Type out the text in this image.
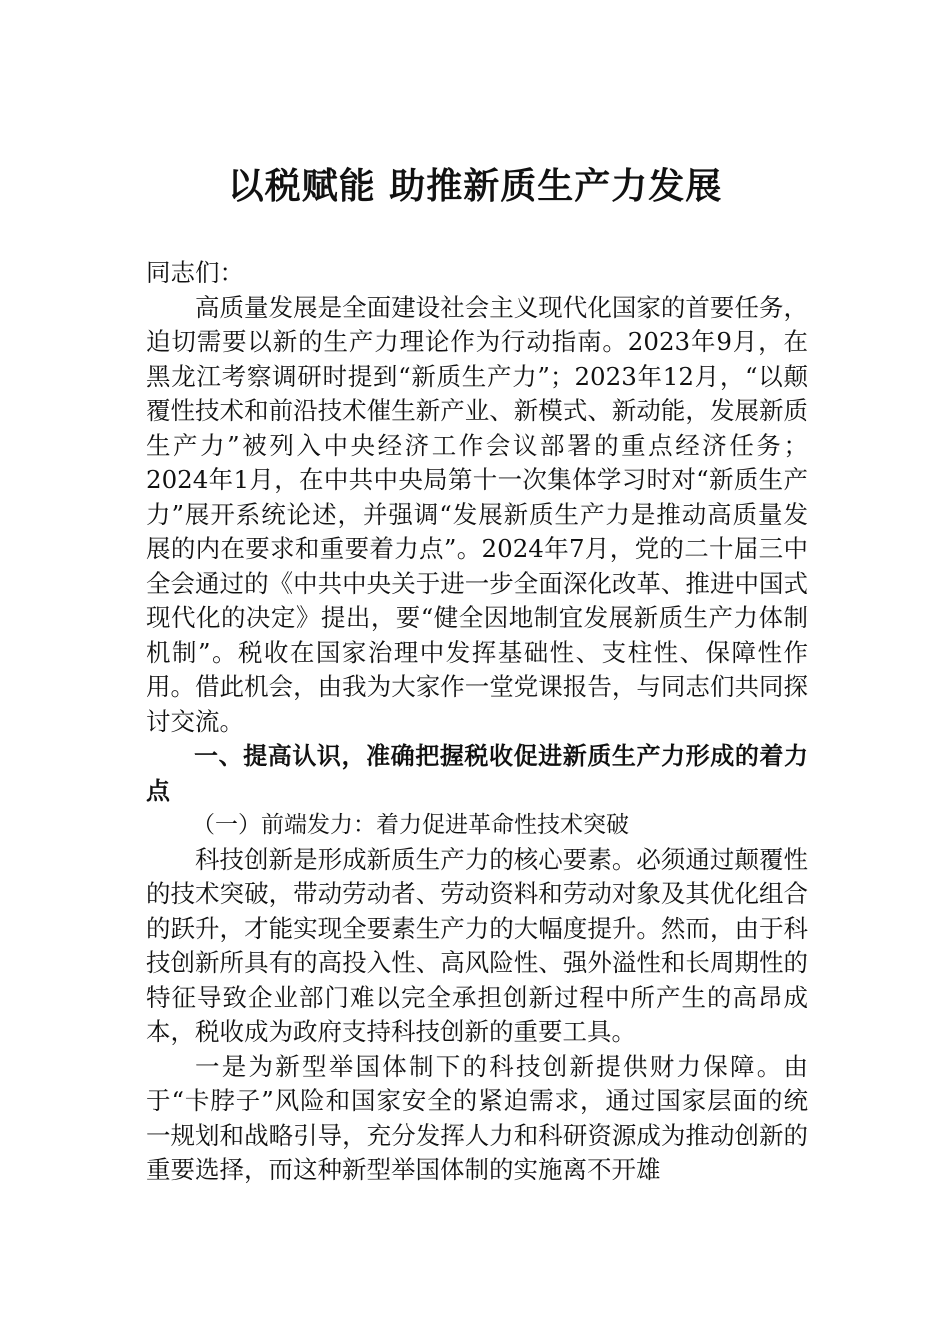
以税赋能 助推新质生产力发展

同志们：

高质量发展是全面建设社会主义现代化国家的首要任务，迫切需要以新的生产力理论作为行动指南。2023年9月，在黑龙江考察调研时提到“新质生产力”；2023年12月，“以颠覆性技术和前沿技术催生新产业、新模式、新动能，发展新质生产力”被列入中央经济工作会议部署的重点经济任务；2024年1月，在中共中央局第十一次集体学习时对“新质生产力”展开系统论述，并强调“发展新质生产力是推动高质量发展的内在要求和重要着力点”。2024年7月，党的二十届三中全会通过的《中共中央关于进一步全面深化改革、推进中国式现代化的决定》提出，要“健全因地制宜发展新质生产力体制机制”。税收在国家治理中发挥基础性、支柱性、保障性作用。借此机会，由我为大家作一堂党课报告，与同志们共同探讨交流。

一、提高认识，准确把握税收促进新质生产力形成的着力点

（一）前端发力：着力促进革命性技术突破

科技创新是形成新质生产力的核心要素。必须通过颠覆性的技术突破，带动劳动者、劳动资料和劳动对象及其优化组合的跃升，才能实现全要素生产力的大幅度提升。然而，由于科技创新所具有的高投入性、高风险性、强外溢性和长周期性的特征导致企业部门难以完全承担创新过程中所产生的高昂成本，税收成为政府支持科技创新的重要工具。

一是为新型举国体制下的科技创新提供财力保障。由于“卡脖子”风险和国家安全的紧迫需求，通过国家层面的统一规划和战略引导，充分发挥人力和科研资源成为推动创新的重要选择，而这种新型举国体制的实施离不开雄
